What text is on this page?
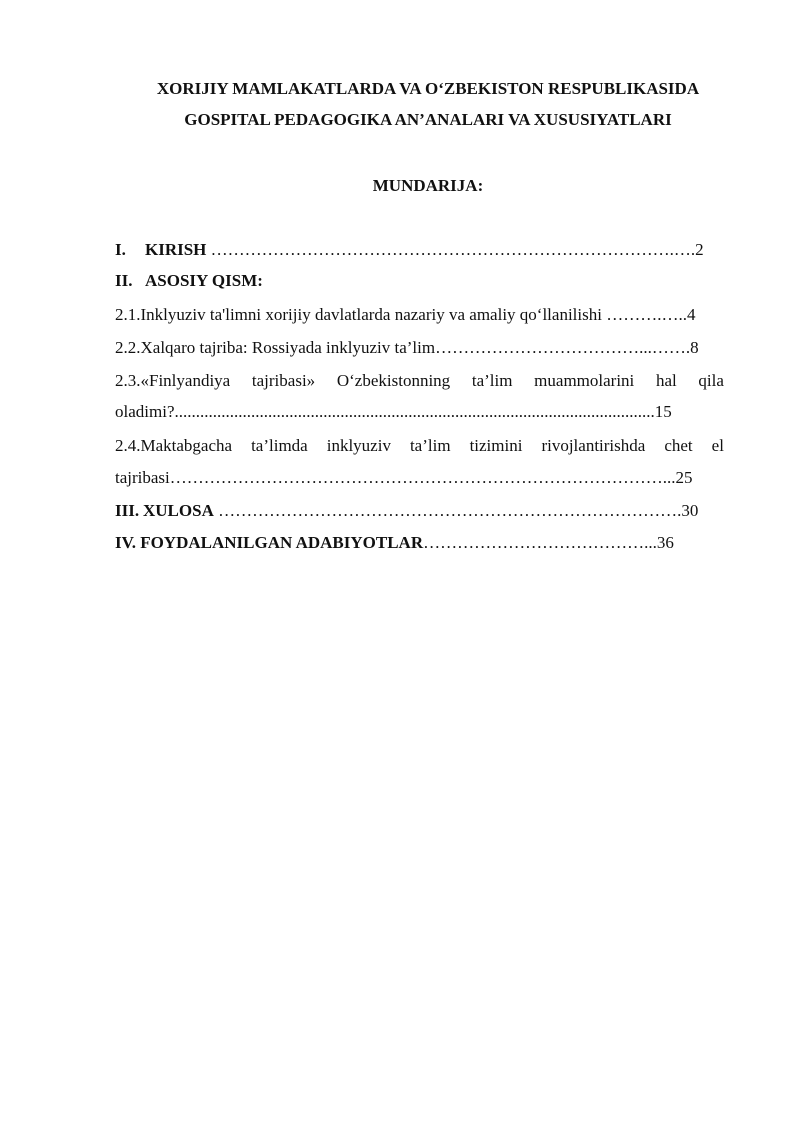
XORIJIY MAMLAKATLARDA VA O‘ZBEKISTON RESPUBLIKASIDA
GOSPITAL PEDAGOGIKA AN’ANALARI VA XUSUSIYATLARI
MUNDARIJA:
I. KIRISH ……………………………………………………………………….….2
II. ASOSIY QISM:
2.1.Inklyuziv ta'limni xorijiy davlatlarda nazariy va amaliy qo‘llanilishi ……….…..4
2.2.Xalqaro tajriba: Rossiyada inklyuziv ta’lim………………………………...…….8
2.3.«Finlyandiya tajribasi» O‘zbekistonning ta’lim muammolarini hal qila
oladimi?.................................................................................................................15
2.4.Maktabgacha ta’limda inklyuziv ta’lim tizimini rivojlantirishda chet el
tajribasi……………………………………………………………………………...25
III. XULOSA ……………………………………………………………………….30
IV. FOYDALANILGAN ADABIYOTLAR…………………………………...36
